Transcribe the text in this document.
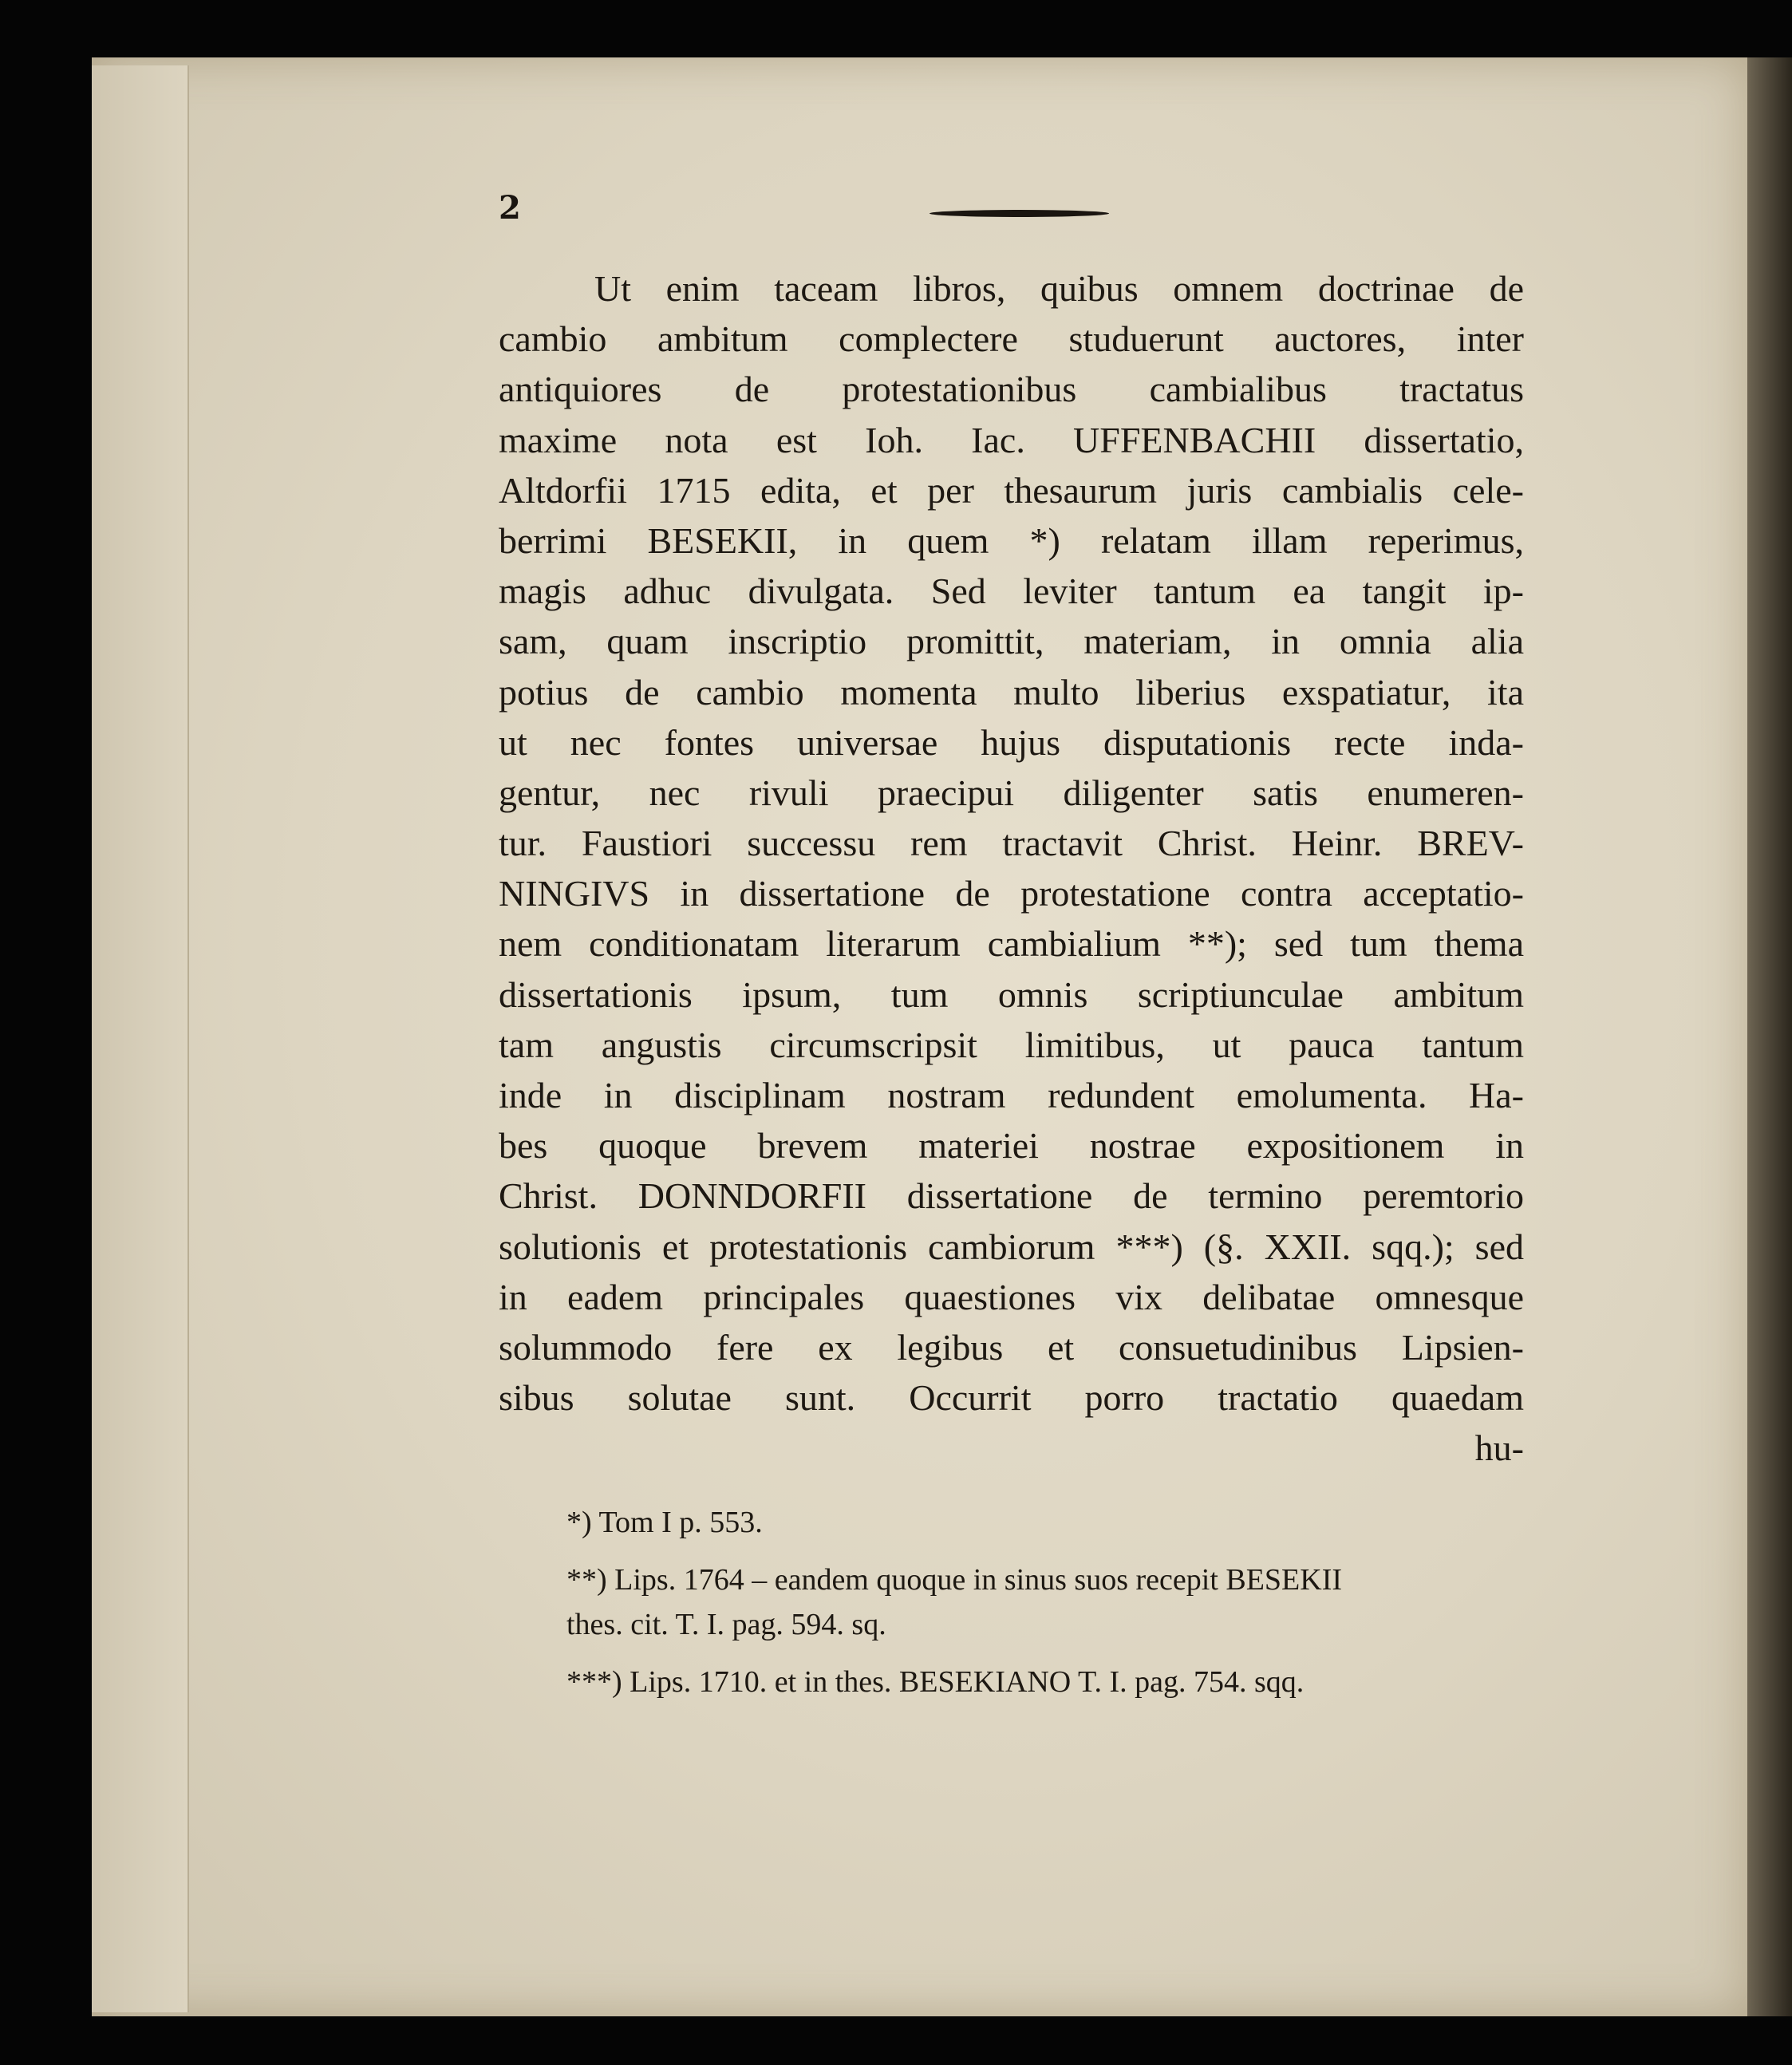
2
Ut enim taceam libros, quibus omnem doctrinae de
cambio ambitum complectere studuerunt auctores, inter
antiquiores de protestationibus cambialibus tractatus
maxime nota est Ioh. Iac. UFFENBACHII dissertatio,
Altdorfii 1715 edita, et per thesaurum juris cambialis cele-
berrimi BESEKII, in quem *) relatam illam reperimus,
magis adhuc divulgata. Sed leviter tantum ea tangit ip-
sam, quam inscriptio promittit, materiam, in omnia alia
potius de cambio momenta multo liberius exspatiatur, ita
ut nec fontes universae hujus disputationis recte inda-
gentur, nec rivuli praecipui diligenter satis enumeren-
tur. Faustiori successu rem tractavit Christ. Heinr. BREV-
NINGIVS in dissertatione de protestatione contra acceptatio-
nem conditionatam literarum cambialium **); sed tum thema
dissertationis ipsum, tum omnis scriptiunculae ambitum
tam angustis circumscripsit limitibus, ut pauca tantum
inde in disciplinam nostram redundent emolumenta. Ha-
bes quoque brevem materiei nostrae expositionem in
Christ. DONNDORFII dissertatione de termino peremtorio
solutionis et protestationis cambiorum ***) (§. XXII. sqq.); sed
in eadem principales quaestiones vix delibatae omnesque
solummodo fere ex legibus et consuetudinibus Lipsien-
sibus solutae sunt. Occurrit porro tractatio quaedam
hu-
*) Tom I p. 553.
**) Lips. 1764 – eandem quoque in sinus suos recepit BESEKII
thes. cit. T. I. pag. 594. sq.
***) Lips. 1710. et in thes. BESEKIANO T. I. pag. 754. sqq.
